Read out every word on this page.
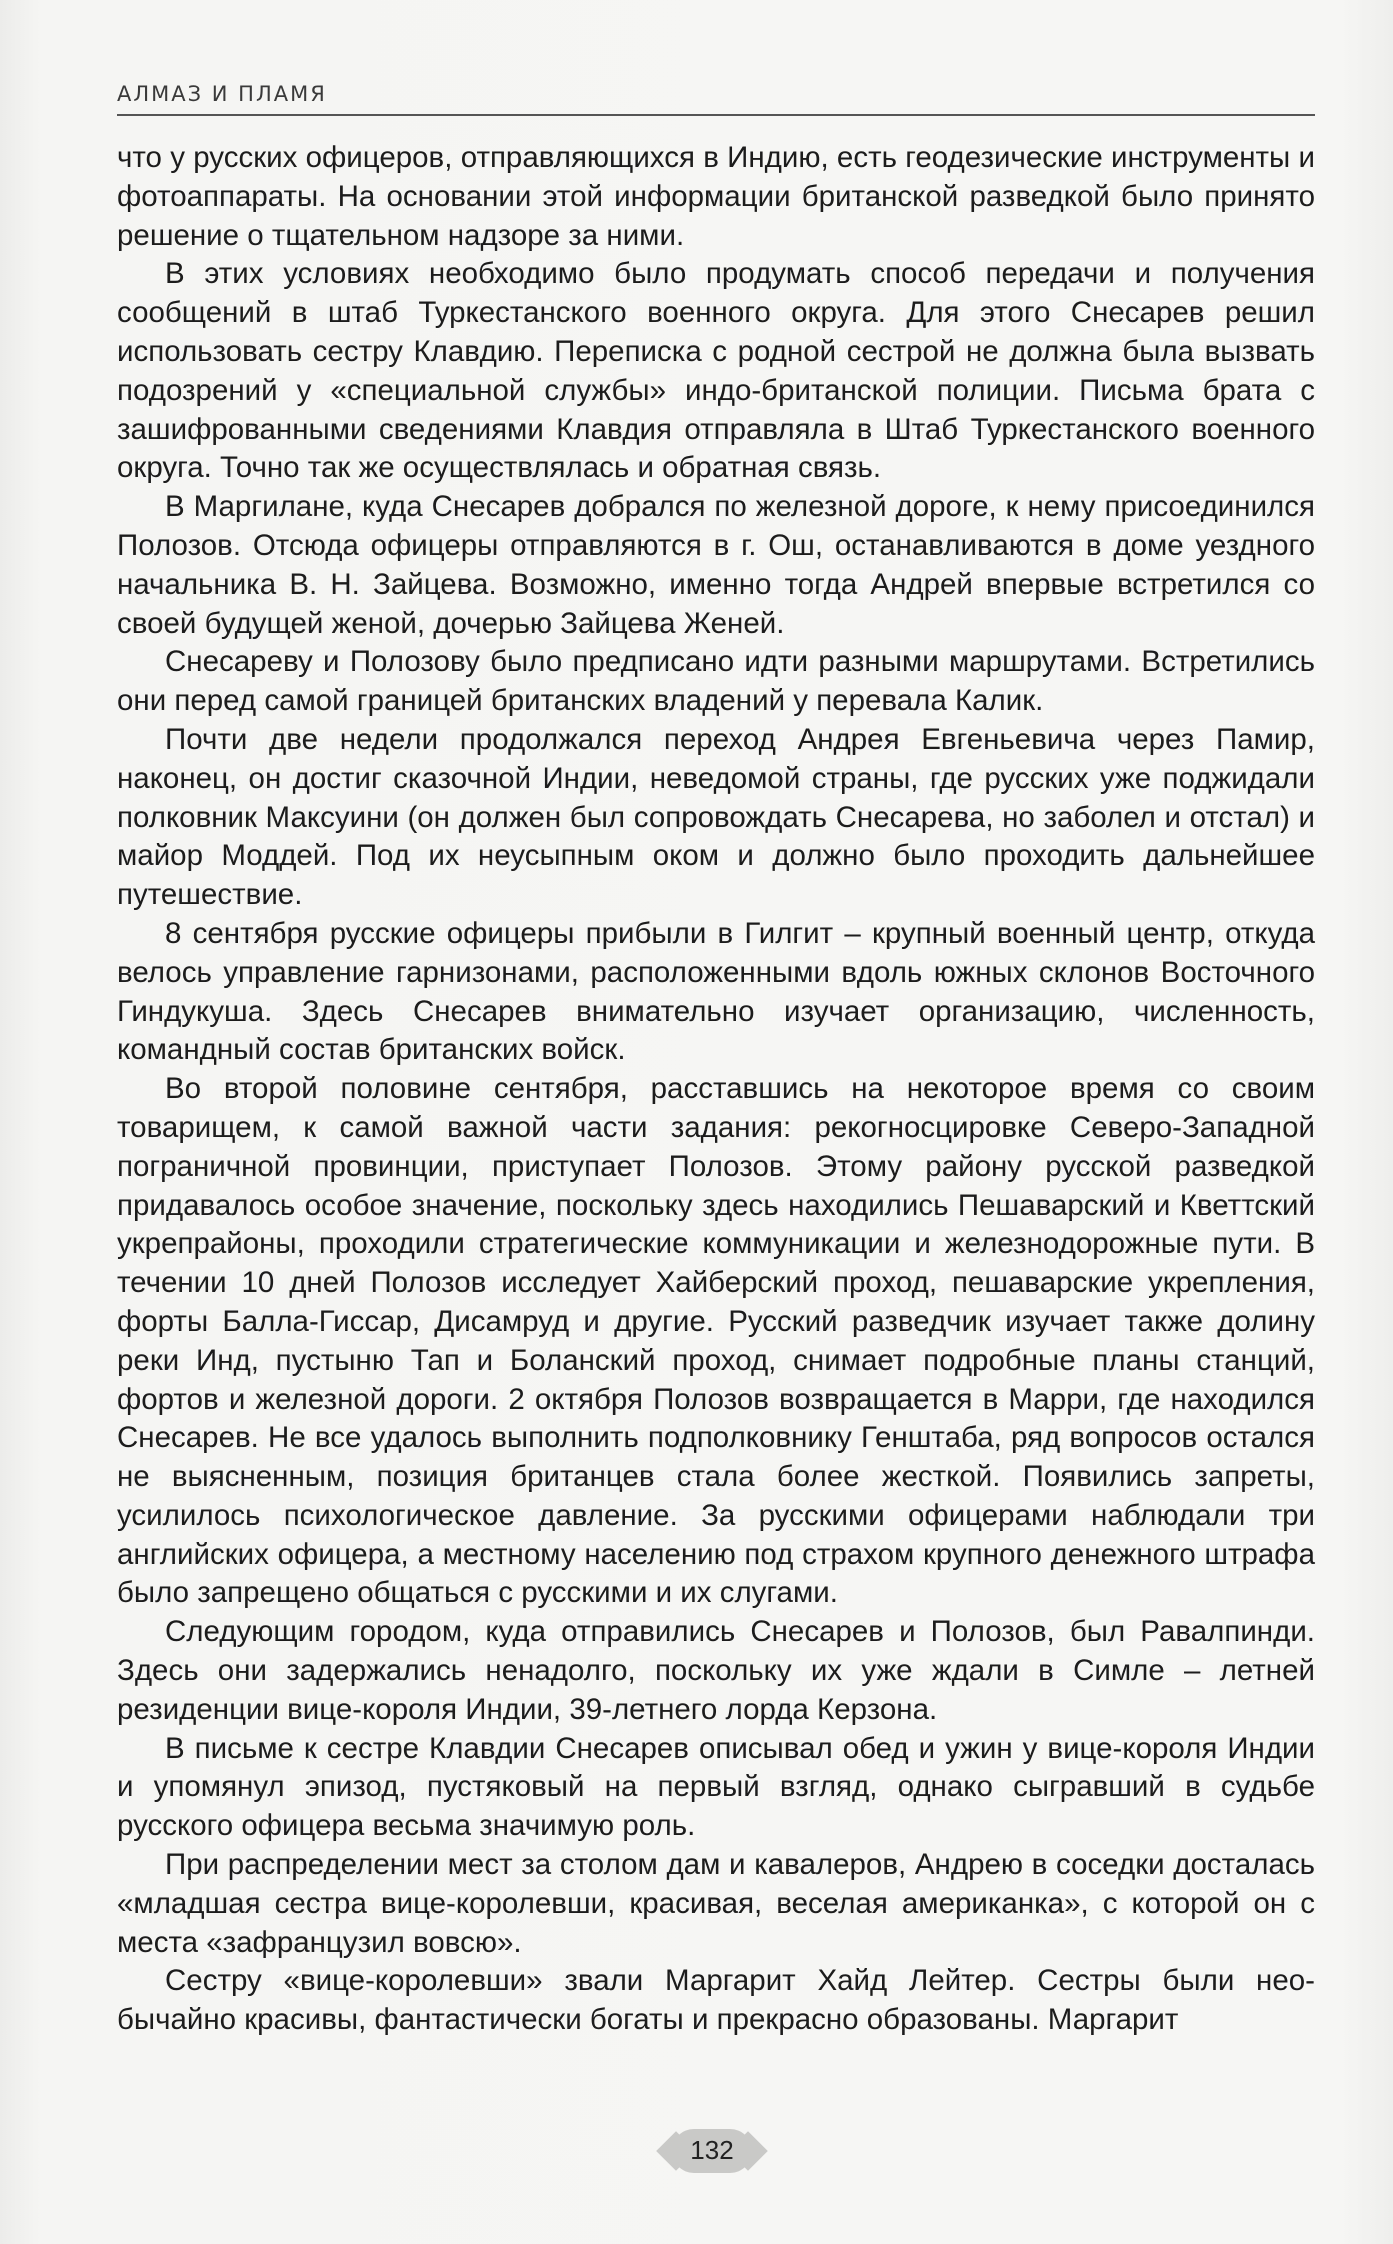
АЛМАЗ И ПЛАМЯ

что у русских офицеров, отправляющихся в Индию, есть геодезические инструменты и фотоаппараты. На основании этой информации британской разведкой было принято решение о тщательном надзоре за ними.

В этих условиях необходимо было продумать способ передачи и получения сообщений в штаб Туркестанского военного округа. Для этого Снесарев решил использовать сестру Клавдию. Переписка с родной сестрой не должна была вызвать подозрений у «специальной службы» индо-британской полиции. Письма брата с зашифрованными сведениями Клавдия отправляла в Штаб Туркестанского военного округа. Точно так же осуществлялась и обратная связь.

В Маргилане, куда Снесарев добрался по железной дороге, к нему присоединился Полозов. Отсюда офицеры отправляются в г. Ош, останавливаются в доме уездного начальника В. Н. Зайцева. Возможно, именно тогда Андрей впервые встретился со своей будущей женой, дочерью Зайцева Женей.

Снесареву и Полозову было предписано идти разными маршрутами. Встретились они перед самой границей британских владений у перевала Калик.

Почти две недели продолжался переход Андрея Евгеньевича через Памир, наконец, он достиг сказочной Индии, неведомой страны, где русских уже поджидали полковник Максуини (он должен был сопровождать Снесарева, но заболел и отстал) и майор Моддей. Под их неусыпным оком и должно было проходить дальнейшее путешествие.

8 сентября русские офицеры прибыли в Гилгит – крупный военный центр, откуда велось управление гарнизонами, расположенными вдоль южных склонов Восточного Гиндукуша. Здесь Снесарев внимательно изучает организацию, численность, командный состав британских войск.

Во второй половине сентября, расставшись на некоторое время со своим товарищем, к самой важной части задания: рекогносцировке Северо-Западной пограничной провинции, приступает Полозов. Этому району русской разведкой придавалось особое значение, поскольку здесь находились Пешаварский и Кветтский укрепрайоны, проходили стратегические коммуникации и железнодорожные пути. В течении 10 дней Полозов исследует Хайберский проход, пешаварские укрепления, форты Балла-Гиссар, Дисамруд и другие. Русский разведчик изучает также долину реки Инд, пустыню Тап и Боланский проход, снимает подробные планы станций, фортов и железной дороги. 2 октября Полозов возвращается в Марри, где находился Снесарев. Не все удалось выполнить подполковнику Генштаба, ряд вопросов остался не выясненным, позиция британцев стала более жесткой. Появились запреты, усилилось психологическое давление. За русскими офицерами наблюдали три английских офицера, а местному населению под страхом крупного денежного штрафа было запрещено общаться с русскими и их слугами.

Следующим городом, куда отправились Снесарев и Полозов, был Равалпинди. Здесь они задержались ненадолго, поскольку их уже ждали в Симле – летней резиденции вице-короля Индии, 39-летнего лорда Керзона.

В письме к сестре Клавдии Снесарев описывал обед и ужин у вице-короля Индии и упомянул эпизод, пустяковый на первый взгляд, однако сыгравший в судьбе русского офицера весьма значимую роль.

При распределении мест за столом дам и кавалеров, Андрею в соседки досталась «младшая сестра вице-королевши, красивая, веселая американка», с которой он с места «зафранцузил вовсю».

Сестру «вице-королевши» звали Маргарит Хайд Лейтер. Сестры были необычайно красивы, фантастически богаты и прекрасно образованы. Маргарит

132
